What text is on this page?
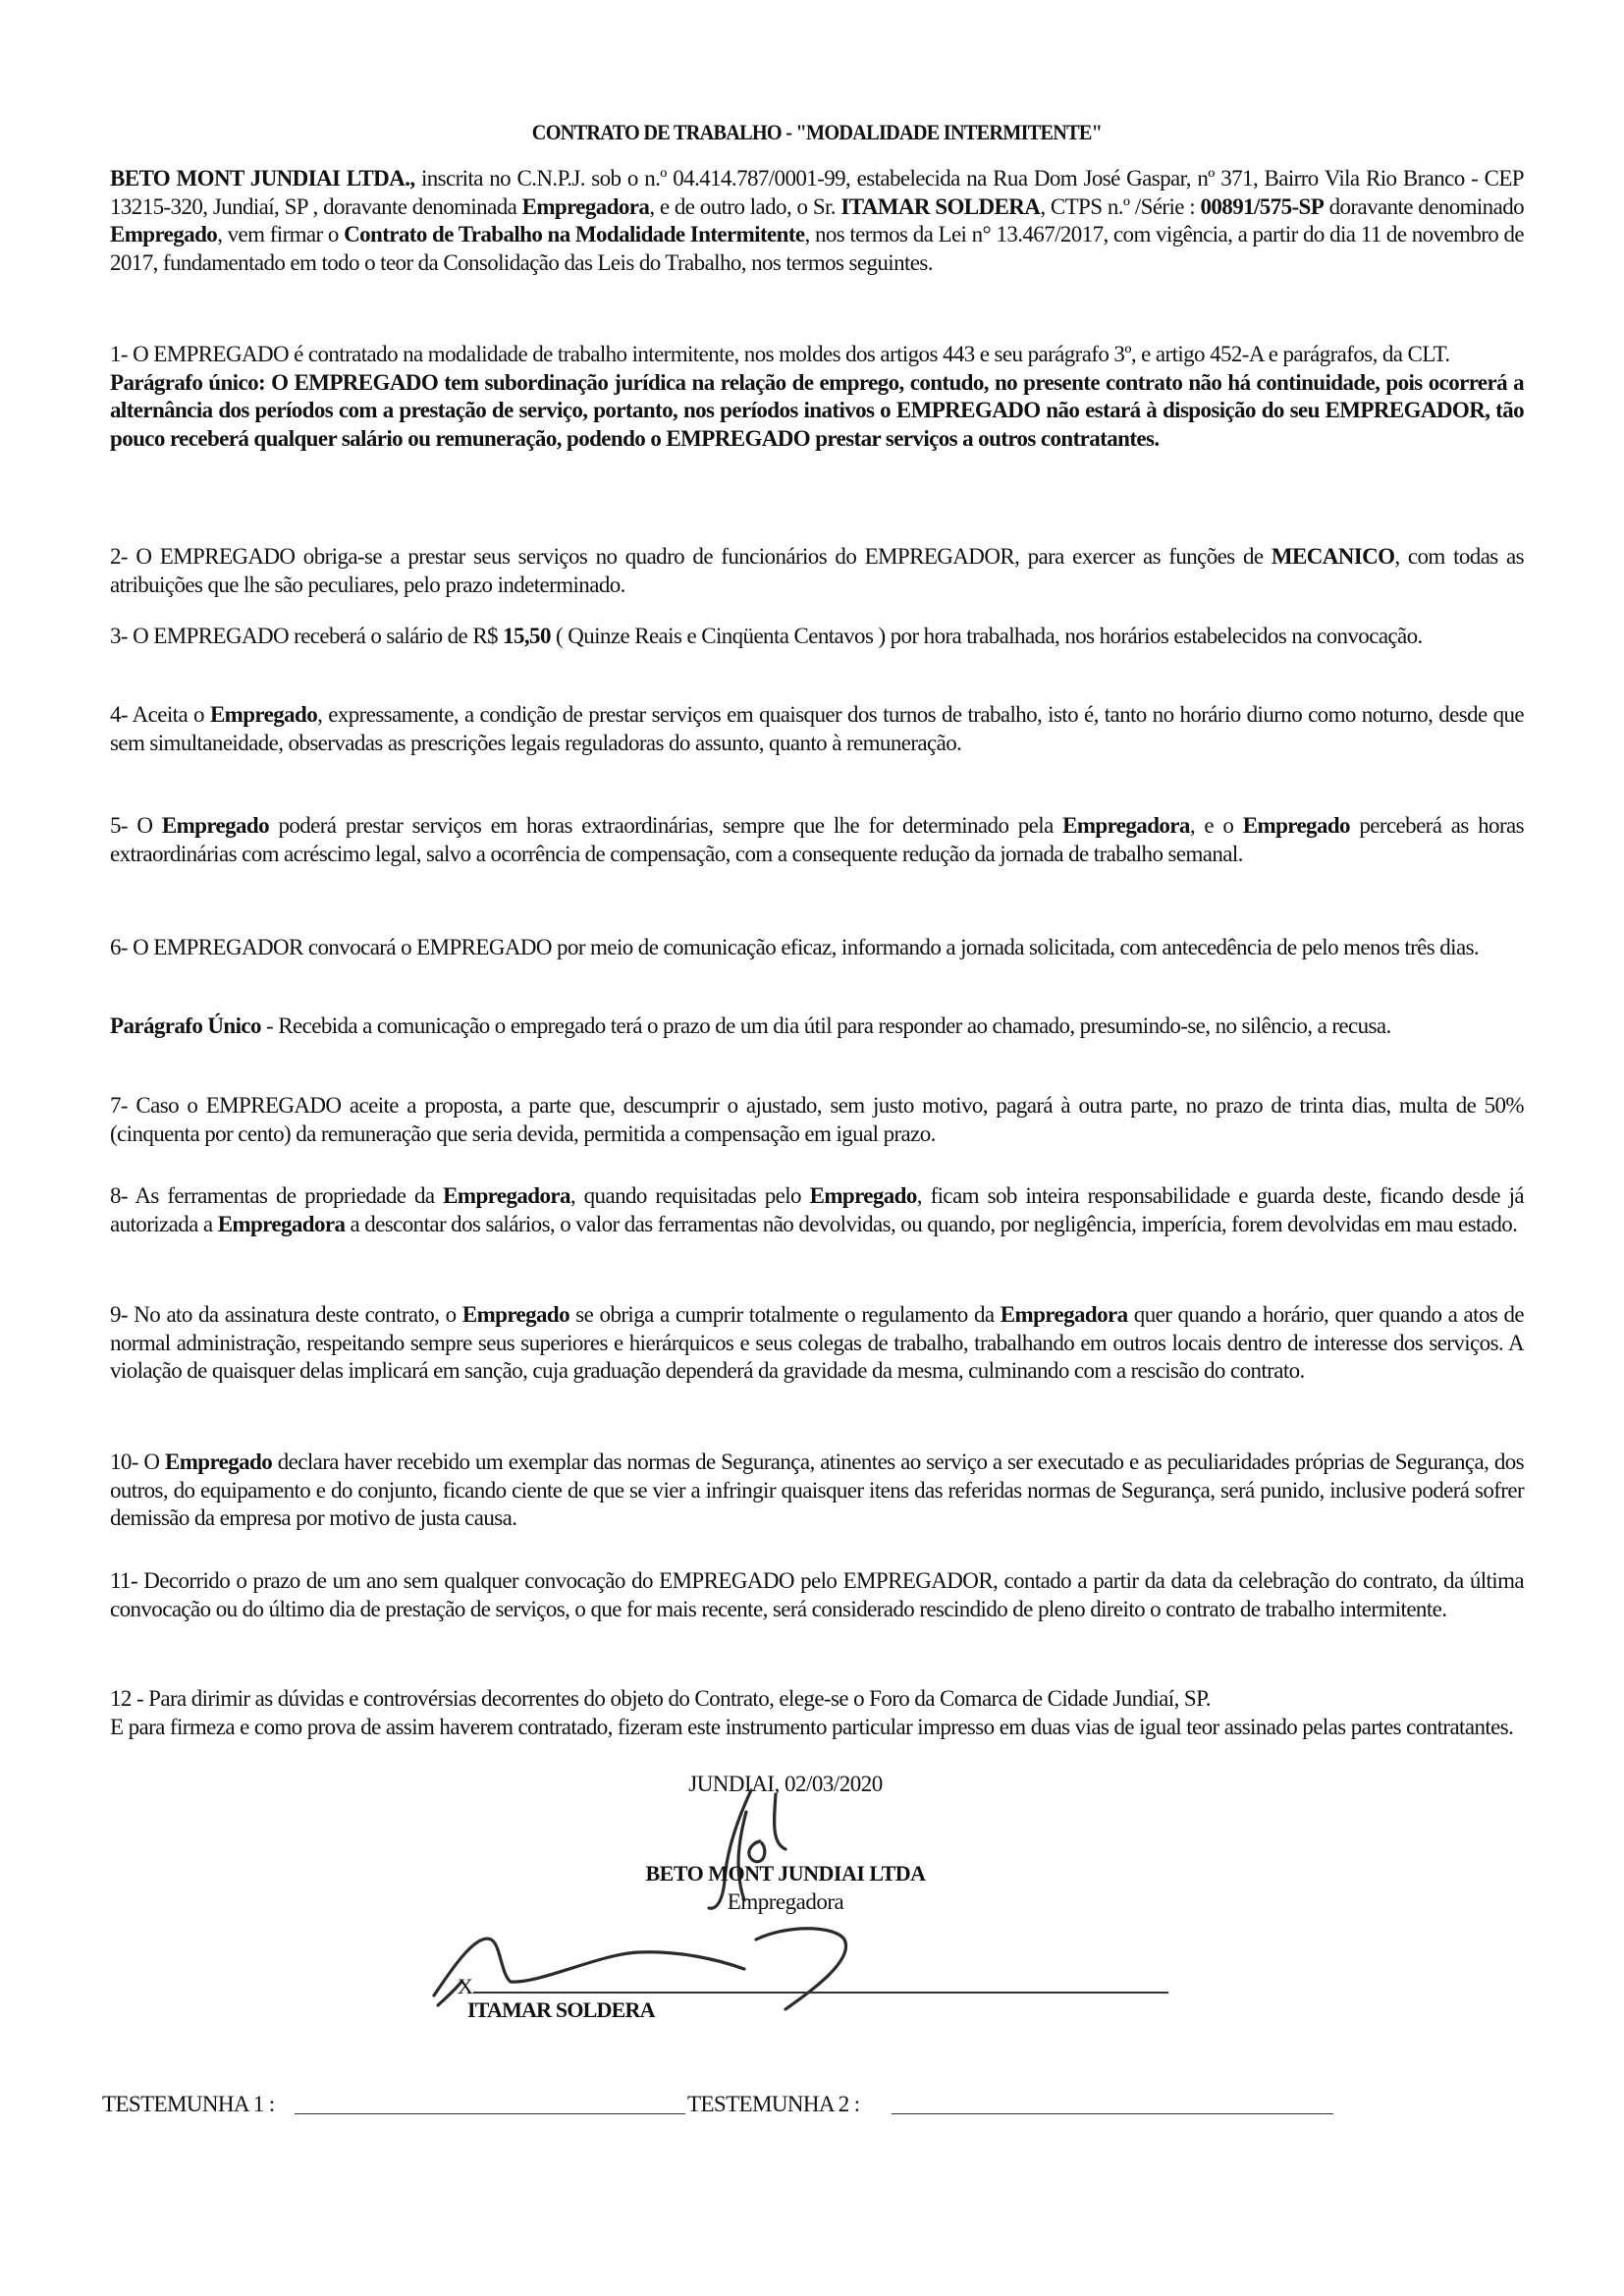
CONTRATO DE TRABALHO - "MODALIDADE INTERMITENTE"
BETO MONT JUNDIAI LTDA., inscrita no C.N.P.J. sob o n.º 04.414.787/0001-99, estabelecida na Rua Dom José Gaspar, nº 371, Bairro Vila Rio Branco - CEP 13215-320, Jundiaí, SP , doravante denominada Empregadora, e de outro lado, o Sr. ITAMAR SOLDERA, CTPS n.º /Série : 00891/575-SP doravante denominado Empregado, vem firmar o Contrato de Trabalho na Modalidade Intermitente, nos termos da Lei n° 13.467/2017, com vigência, a partir do dia 11 de novembro de 2017, fundamentado em todo o teor da Consolidação das Leis do Trabalho, nos termos seguintes.
1- O EMPREGADO é contratado na modalidade de trabalho intermitente, nos moldes dos artigos 443 e seu parágrafo 3º, e artigo 452-A e parágrafos, da CLT.
Parágrafo único: O EMPREGADO tem subordinação jurídica na relação de emprego, contudo, no presente contrato não há continuidade, pois ocorrerá a alternância dos períodos com a prestação de serviço, portanto, nos períodos inativos o EMPREGADO não estará à disposição do seu EMPREGADOR, tão pouco receberá qualquer salário ou remuneração, podendo o EMPREGADO prestar serviços a outros contratantes.
2- O EMPREGADO obriga-se a prestar seus serviços no quadro de funcionários do EMPREGADOR, para exercer as funções de MECANICO, com todas as atribuições que lhe são peculiares, pelo prazo indeterminado.
3- O EMPREGADO receberá o salário de R$ 15,50 ( Quinze Reais e Cinqüenta Centavos ) por hora trabalhada, nos horários estabelecidos na convocação.
4- Aceita o Empregado, expressamente, a condição de prestar serviços em quaisquer dos turnos de trabalho, isto é, tanto no horário diurno como noturno, desde que sem simultaneidade, observadas as prescrições legais reguladoras do assunto, quanto à remuneração.
5- O Empregado poderá prestar serviços em horas extraordinárias, sempre que lhe for determinado pela Empregadora, e o Empregado perceberá as horas extraordinárias com acréscimo legal, salvo a ocorrência de compensação, com a consequente redução da jornada de trabalho semanal.
6- O EMPREGADOR convocará o EMPREGADO por meio de comunicação eficaz, informando a jornada solicitada, com antecedência de pelo menos três dias.
Parágrafo Único - Recebida a comunicação o empregado terá o prazo de um dia útil para responder ao chamado, presumindo-se, no silêncio, a recusa.
7- Caso o EMPREGADO aceite a proposta, a parte que, descumprir o ajustado, sem justo motivo, pagará à outra parte, no prazo de trinta dias, multa de 50% (cinquenta por cento) da remuneração que seria devida, permitida a compensação em igual prazo.
8- As ferramentas de propriedade da Empregadora, quando requisitadas pelo Empregado, ficam sob inteira responsabilidade e guarda deste, ficando desde já autorizada a Empregadora a descontar dos salários, o valor das ferramentas não devolvidas, ou quando, por negligência, imperícia, forem devolvidas em mau estado.
9- No ato da assinatura deste contrato, o Empregado se obriga a cumprir totalmente o regulamento da Empregadora quer quando a horário, quer quando a atos de normal administração, respeitando sempre seus superiores e hierárquicos e seus colegas de trabalho, trabalhando em outros locais dentro de interesse dos serviços. A violação de quaisquer delas implicará em sanção, cuja graduação dependerá da gravidade da mesma, culminando com a rescisão do contrato.
10- O Empregado declara haver recebido um exemplar das normas de Segurança, atinentes ao serviço a ser executado e as peculiaridades próprias de Segurança, dos outros, do equipamento e do conjunto, ficando ciente de que se vier a infringir quaisquer itens das referidas normas de Segurança, será punido, inclusive poderá sofrer demissão da empresa por motivo de justa causa.
11- Decorrido o prazo de um ano sem qualquer convocação do EMPREGADO pelo EMPREGADOR, contado a partir da data da celebração do contrato, da última convocação ou do último dia de prestação de serviços, o que for mais recente, será considerado rescindido de pleno direito o contrato de trabalho intermitente.
12 - Para dirimir as dúvidas e controvérsias decorrentes do objeto do Contrato, elege-se o Foro da Comarca de Cidade Jundiaí, SP.
E para firmeza e como prova de assim haverem contratado, fizeram este instrumento particular impresso em duas vias de igual teor assinado pelas partes contratantes.
JUNDIAI, 02/03/2020
BETO MONT JUNDIAI LTDA
Empregadora
X
ITAMAR SOLDERA
TESTEMUNHA 1 :	TESTEMUNHA 2 :
